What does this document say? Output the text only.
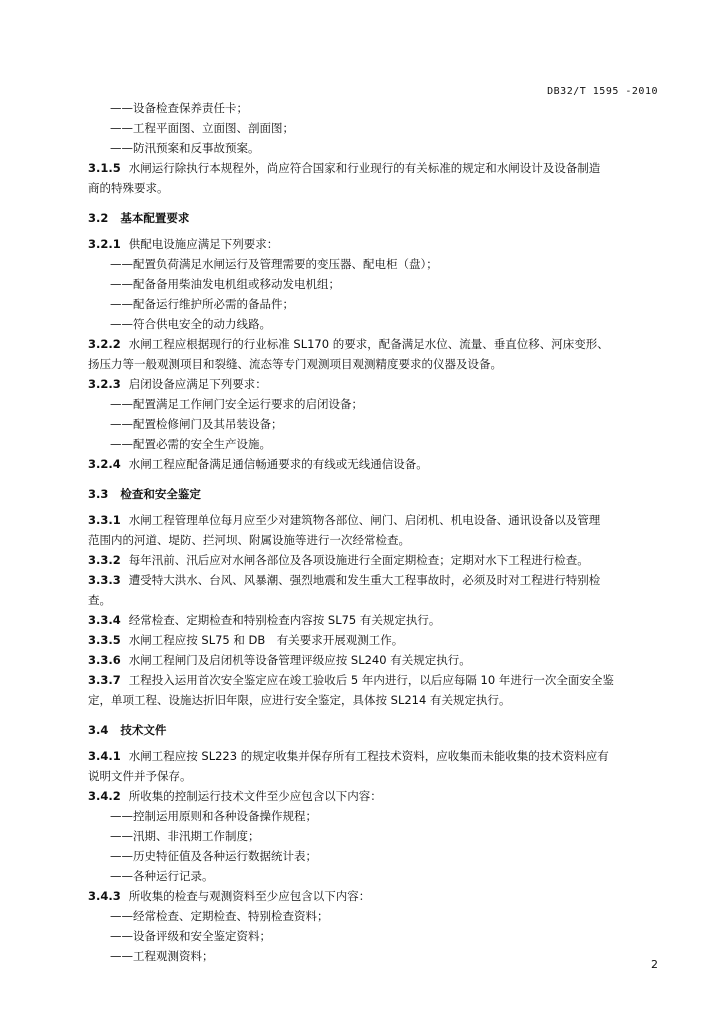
DB32/T 1595 -2010
——设备检查保养责任卡；
——工程平面图、立面图、剖面图；
——防汛预案和反事故预案。
3.1.5 水闸运行除执行本规程外，尚应符合国家和行业现行的有关标准的规定和水闸设计及设备制造
商的特殊要求。
3.2 基本配置要求
3.2.1 供配电设施应满足下列要求：
——配置负荷满足水闸运行及管理需要的变压器、配电柜（盘）；
——配备备用柴油发电机组或移动发电机组；
——配备运行维护所必需的备品件；
——符合供电安全的动力线路。
3.2.2 水闸工程应根据现行的行业标准 SL170 的要求，配备满足水位、流量、垂直位移、河床变形、
扬压力等一般观测项目和裂缝、流态等专门观测项目观测精度要求的仪器及设备。
3.2.3 启闭设备应满足下列要求：
——配置满足工作闸门安全运行要求的启闭设备；
——配置检修闸门及其吊装设备；
——配置必需的安全生产设施。
3.2.4 水闸工程应配备满足通信畅通要求的有线或无线通信设备。
3.3 检查和安全鉴定
3.3.1 水闸工程管理单位每月应至少对建筑物各部位、闸门、启闭机、机电设备、通讯设备以及管理
范围内的河道、堤防、拦河坝、附属设施等进行一次经常检查。
3.3.2 每年汛前、汛后应对水闸各部位及各项设施进行全面定期检查；定期对水下工程进行检查。
3.3.3 遭受特大洪水、台风、风暴潮、强烈地震和发生重大工程事故时，必须及时对工程进行特别检
查。
3.3.4 经常检查、定期检查和特别检查内容按 SL75 有关规定执行。
3.3.5 水闸工程应按 SL75 和 DB　有关要求开展观测工作。
3.3.6 水闸工程闸门及启闭机等设备管理评级应按 SL240 有关规定执行。
3.3.7 工程投入运用首次安全鉴定应在竣工验收后 5 年内进行，以后应每隔 10 年进行一次全面安全鉴
定，单项工程、设施达折旧年限，应进行安全鉴定，具体按 SL214 有关规定执行。
3.4 技术文件
3.4.1 水闸工程应按 SL223 的规定收集并保存所有工程技术资料，应收集而未能收集的技术资料应有
说明文件并予保存。
3.4.2 所收集的控制运行技术文件至少应包含以下内容：
——控制运用原则和各种设备操作规程；
——汛期、非汛期工作制度；
——历史特征值及各种运行数据统计表；
——各种运行记录。
3.4.3 所收集的检查与观测资料至少应包含以下内容：
——经常检查、定期检查、特别检查资料；
——设备评级和安全鉴定资料；
——工程观测资料；
2
